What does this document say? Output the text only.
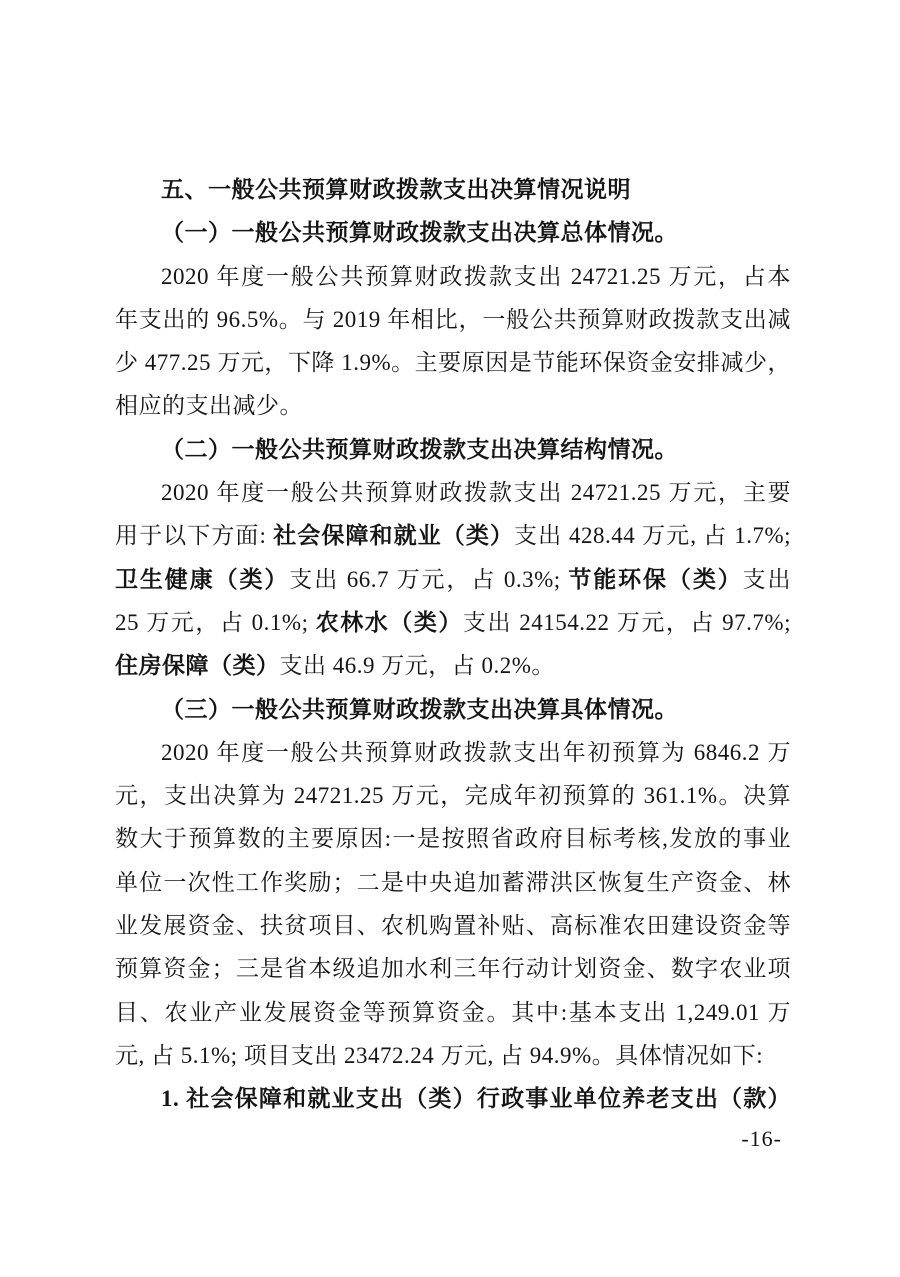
五、一般公共预算财政拨款支出决算情况说明
（一）一般公共预算财政拨款支出决算总体情况。
2020 年度一般公共预算财政拨款支出 24721.25 万元，占本
年支出的 96.5%。与 2019 年相比，一般公共预算财政拨款支出减
少 477.25 万元，下降 1.9%。主要原因是节能环保资金安排减少，
相应的支出减少。
（二）一般公共预算财政拨款支出决算结构情况。
2020 年度一般公共预算财政拨款支出 24721.25 万元，主要
用于以下方面: 社会保障和就业（类）支出 428.44 万元, 占 1.7%;
卫生健康（类）支出 66.7 万元，占 0.3%; 节能环保（类）支出
25 万元，占 0.1%; 农林水（类）支出 24154.22 万元，占 97.7%;
住房保障（类）支出 46.9 万元，占 0.2%。
（三）一般公共预算财政拨款支出决算具体情况。
2020 年度一般公共预算财政拨款支出年初预算为 6846.2 万
元，支出决算为 24721.25 万元，完成年初预算的 361.1%。决算
数大于预算数的主要原因:一是按照省政府目标考核,发放的事业
单位一次性工作奖励；二是中央追加蓄滞洪区恢复生产资金、林
业发展资金、扶贫项目、农机购置补贴、高标准农田建设资金等
预算资金；三是省本级追加水利三年行动计划资金、数字农业项
目、农业产业发展资金等预算资金。其中:基本支出 1,249.01 万
元, 占 5.1%; 项目支出 23472.24 万元, 占 94.9%。具体情况如下:
1. 社会保障和就业支出（类）行政事业单位养老支出（款）
-16-
